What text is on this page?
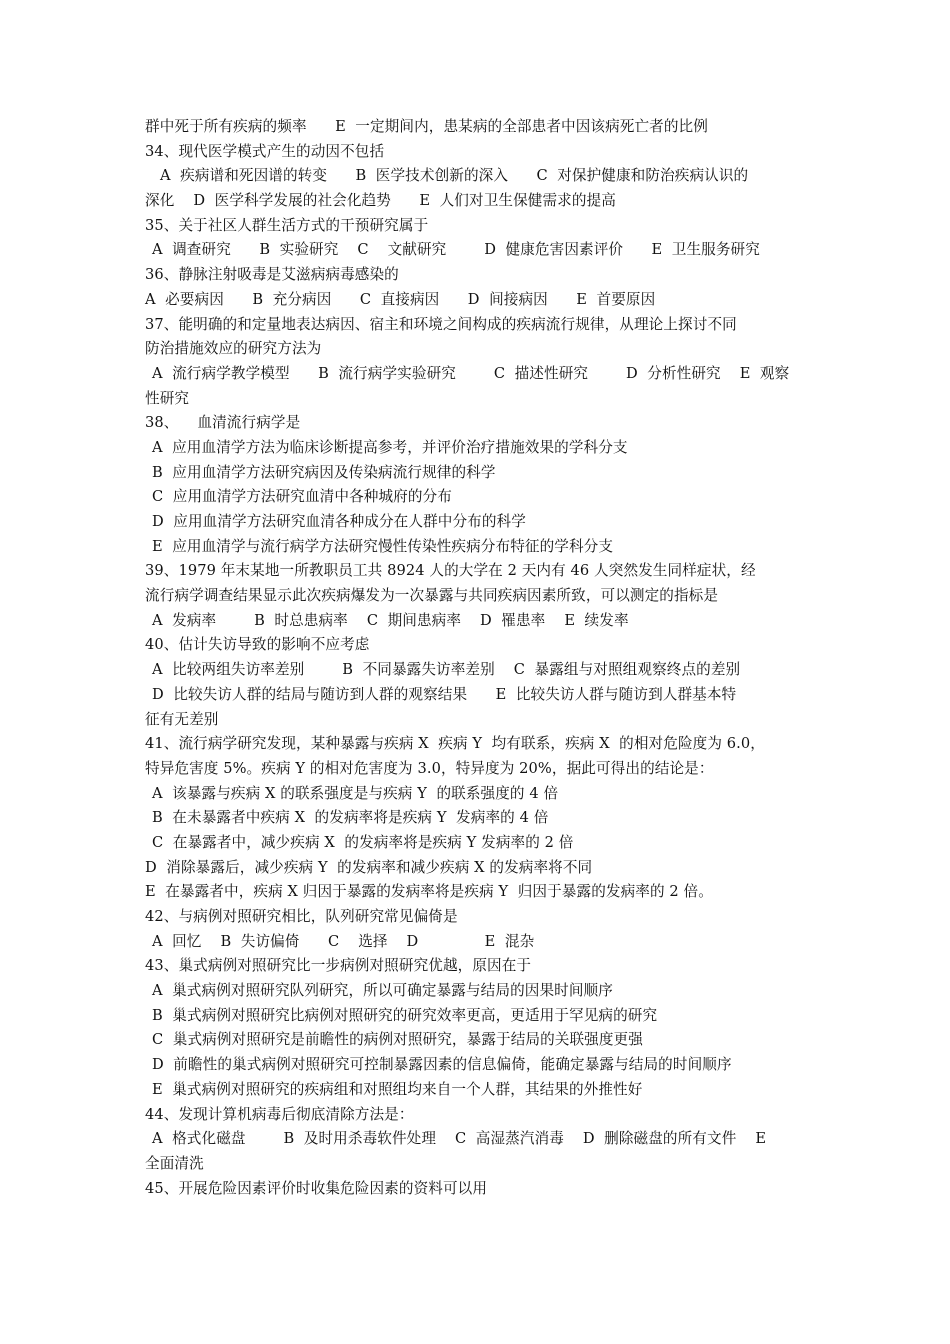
群中死于所有疾病的频率      E  一定期间内，患某病的全部患者中因该病死亡者的比例
34、现代医学模式产生的动因不包括
A  疾病谱和死因谱的转变      B  医学技术创新的深入      C  对保护健康和防治疾病认识的
深化    D  医学科学发展的社会化趋势      E  人们对卫生保健需求的提高
35、关于社区人群生活方式的干预研究属于
A  调查研究      B  实验研究    C    文献研究        D  健康危害因素评价      E  卫生服务研究
36、静脉注射吸毒是艾滋病病毒感染的
A  必要病因      B  充分病因      C  直接病因      D  间接病因      E  首要原因
37、能明确的和定量地表达病因、宿主和环境之间构成的疾病流行规律，从理论上探讨不同
防治措施效应的研究方法为
A  流行病学教学模型      B  流行病学实验研究        C  描述性研究        D  分析性研究    E  观察
性研究
38、    血清流行病学是
A  应用血清学方法为临床诊断提高参考，并评价治疗措施效果的学科分支
B  应用血清学方法研究病因及传染病流行规律的科学
C  应用血清学方法研究血清中各种城府的分布
D  应用血清学方法研究血清各种成分在人群中分布的科学
E  应用血清学与流行病学方法研究慢性传染性疾病分布特征的学科分支
39、1979 年末某地一所教职员工共 8924 人的大学在 2 天内有 46 人突然发生同样症状，经
流行病学调查结果显示此次疾病爆发为一次暴露与共同疾病因素所致，可以测定的指标是
A  发病率        B  时总患病率    C  期间患病率    D  罹患率    E  续发率
40、估计失访导致的影响不应考虑
A  比较两组失访率差别        B  不同暴露失访率差别    C  暴露组与对照组观察终点的差别
D  比较失访人群的结局与随访到人群的观察结果      E  比较失访人群与随访到人群基本特
征有无差别
41、流行病学研究发现，某种暴露与疾病 X  疾病 Y  均有联系，疾病 X  的相对危险度为 6.0，
特异危害度 5%。疾病 Y 的相对危害度为 3.0，特异度为 20%，据此可得出的结论是：
A  该暴露与疾病 X 的联系强度是与疾病 Y  的联系强度的 4 倍
B  在未暴露者中疾病 X  的发病率将是疾病 Y  发病率的 4 倍
C  在暴露者中，减少疾病 X  的发病率将是疾病 Y 发病率的 2 倍
D  消除暴露后，减少疾病 Y  的发病率和减少疾病 X 的发病率将不同
E  在暴露者中，疾病 X 归因于暴露的发病率将是疾病 Y  归因于暴露的发病率的 2 倍。
42、与病例对照研究相比，队列研究常见偏倚是
A  回忆    B  失访偏倚      C    选择    D              E  混杂
43、巢式病例对照研究比一步病例对照研究优越，原因在于
A  巢式病例对照研究队列研究，所以可确定暴露与结局的因果时间顺序
B  巢式病例对照研究比病例对照研究的研究效率更高，更适用于罕见病的研究
C  巢式病例对照研究是前瞻性的病例对照研究，暴露于结局的关联强度更强
D  前瞻性的巢式病例对照研究可控制暴露因素的信息偏倚，能确定暴露与结局的时间顺序
E  巢式病例对照研究的疾病组和对照组均来自一个人群，其结果的外推性好
44、发现计算机病毒后彻底清除方法是：
A  格式化磁盘        B  及时用杀毒软件处理    C  高湿蒸汽消毒    D  删除磁盘的所有文件    E
全面清洗
45、开展危险因素评价时收集危险因素的资料可以用
